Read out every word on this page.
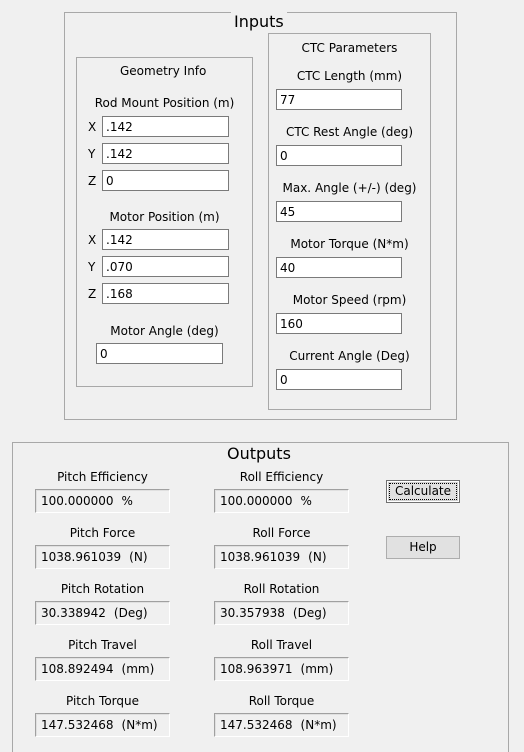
Inputs
Geometry Info
Rod Mount Position (m)
X
.142
Y
.142
Z
0
Motor Position (m)
X
.142
Y
.070
Z
.168
Motor Angle (deg)
0
CTC Parameters
CTC Length (mm)
77
CTC Rest Angle (deg)
0
Max. Angle (+/-) (deg)
45
Motor Torque (N*m)
40
Motor Speed (rpm)
160
Current Angle (Deg)
0
Outputs
Pitch Efficiency
100.000000 %
Roll Efficiency
100.000000 %
Pitch Force
1038.961039 (N)
Roll Force
1038.961039 (N)
Pitch Rotation
30.338942 (Deg)
Roll Rotation
30.357938 (Deg)
Pitch Travel
108.892494 (mm)
Roll Travel
108.963971 (mm)
Pitch Torque
147.532468 (N*m)
Roll Torque
147.532468 (N*m)
Calculate
Help
